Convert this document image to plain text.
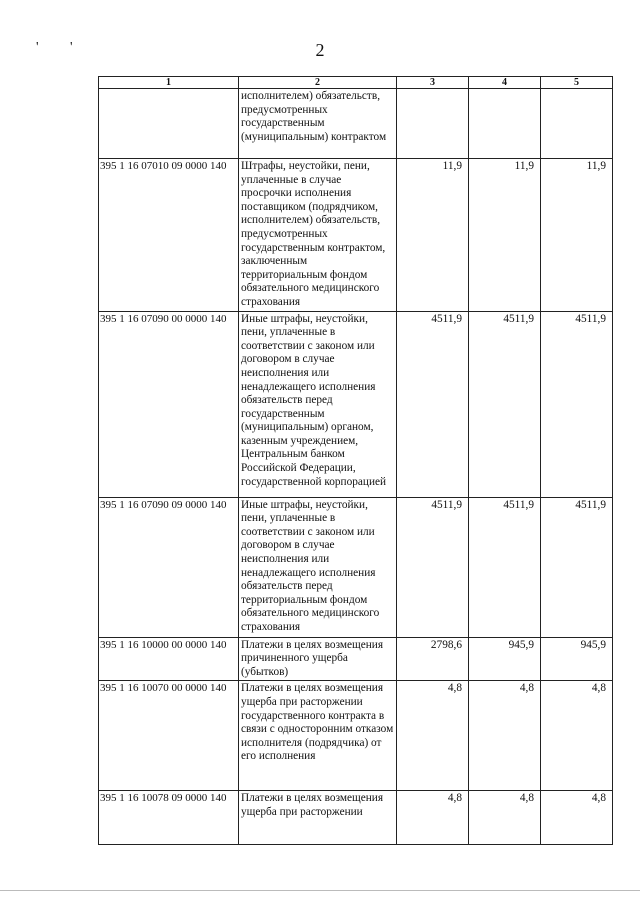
' '	2
1	2	3	4	5
	исполнителем) обязательств, предусмотренных государственным (муниципальным) контрактом			
395 1 16 07010 09 0000 140	Штрафы, неустойки, пени, уплаченные в случае просрочки исполнения поставщиком (подрядчиком, исполнителем) обязательств, предусмотренных государственным контрактом, заключенным территориальным фондом обязательного медицинского страхования	11,9	11,9	11,9
395 1 16 07090 00 0000 140	Иные штрафы, неустойки, пени, уплаченные в соответствии с законом или договором в случае неисполнения или ненадлежащего исполнения обязательств перед государственным (муниципальным) органом, казенным учреждением, Центральным банком Российской Федерации, государственной корпорацией	4511,9	4511,9	4511,9
395 1 16 07090 09 0000 140	Иные штрафы, неустойки, пени, уплаченные в соответствии с законом или договором в случае неисполнения или ненадлежащего исполнения обязательств перед территориальным фондом обязательного медицинского страхования	4511,9	4511,9	4511,9
395 1 16 10000 00 0000 140	Платежи в целях возмещения причиненного ущерба (убытков)	2798,6	945,9	945,9
395 1 16 10070 00 0000 140	Платежи в целях возмещения ущерба при расторжении государственного контракта в связи с односторонним отказом исполнителя (подрядчика) от его исполнения	4,8	4,8	4,8
395 1 16 10078 09 0000 140	Платежи в целях возмещения ущерба при расторжении	4,8	4,8	4,8
